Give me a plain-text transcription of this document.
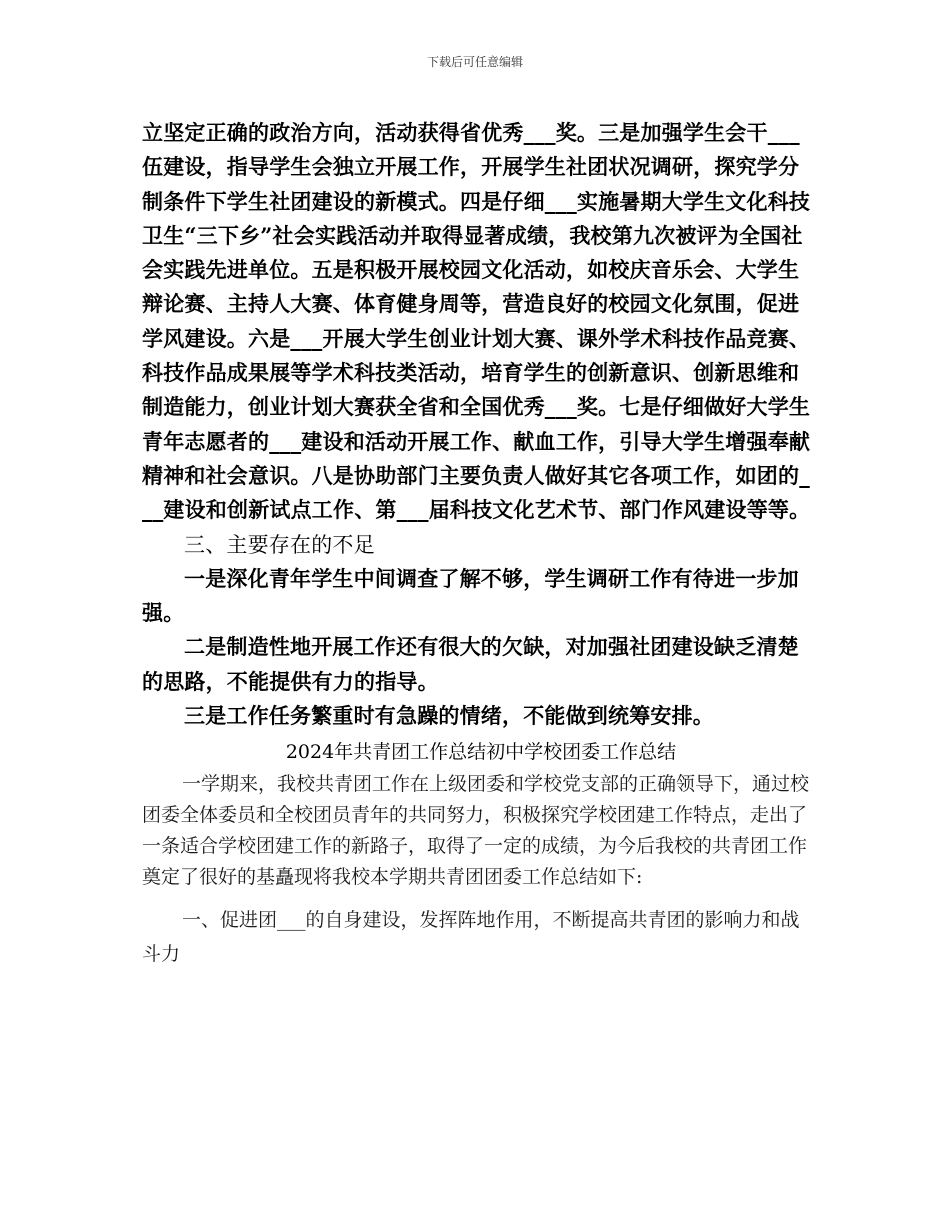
下载后可任意编辑

立坚定正确的政治方向，活动获得省优秀___奖。三是加强学生会干___伍建设，指导学生会独立开展工作，开展学生社团状况调研，探究学分制条件下学生社团建设的新模式。四是仔细___实施暑期大学生文化科技卫生“三下乡”社会实践活动并取得显著成绩，我校第九次被评为全国社会实践先进单位。五是积极开展校园文化活动，如校庆音乐会、大学生辩论赛、主持人大赛、体育健身周等，营造良好的校园文化氛围，促进学风建设。六是___开展大学生创业计划大赛、课外学术科技作品竞赛、科技作品成果展等学术科技类活动，培育学生的创新意识、创新思维和制造能力，创业计划大赛获全省和全国优秀___奖。七是仔细做好大学生青年志愿者的___建设和活动开展工作、献血工作，引导大学生增强奉献精神和社会意识。八是协助部门主要负责人做好其它各项工作，如团的___建设和创新试点工作、第___届科技文化艺术节、部门作风建设等等。

三、主要存在的不足

一是深化青年学生中间调查了解不够，学生调研工作有待进一步加强。

二是制造性地开展工作还有很大的欠缺，对加强社团建设缺乏清楚的思路，不能提供有力的指导。

三是工作任务繁重时有急躁的情绪，不能做到统筹安排。

2024年共青团工作总结初中学校团委工作总结

一学期来，我校共青团工作在上级团委和学校党支部的正确领导下，通过校团委全体委员和全校团员青年的共同努力，积极探究学校团建工作特点，走出了一条适合学校团建工作的新路子，取得了一定的成绩，为今后我校的共青团工作奠定了很好的基矗现将我校本学期共青团团委工作总结如下:

一、促进团___的自身建设，发挥阵地作用，不断提高共青团的影响力和战斗力
